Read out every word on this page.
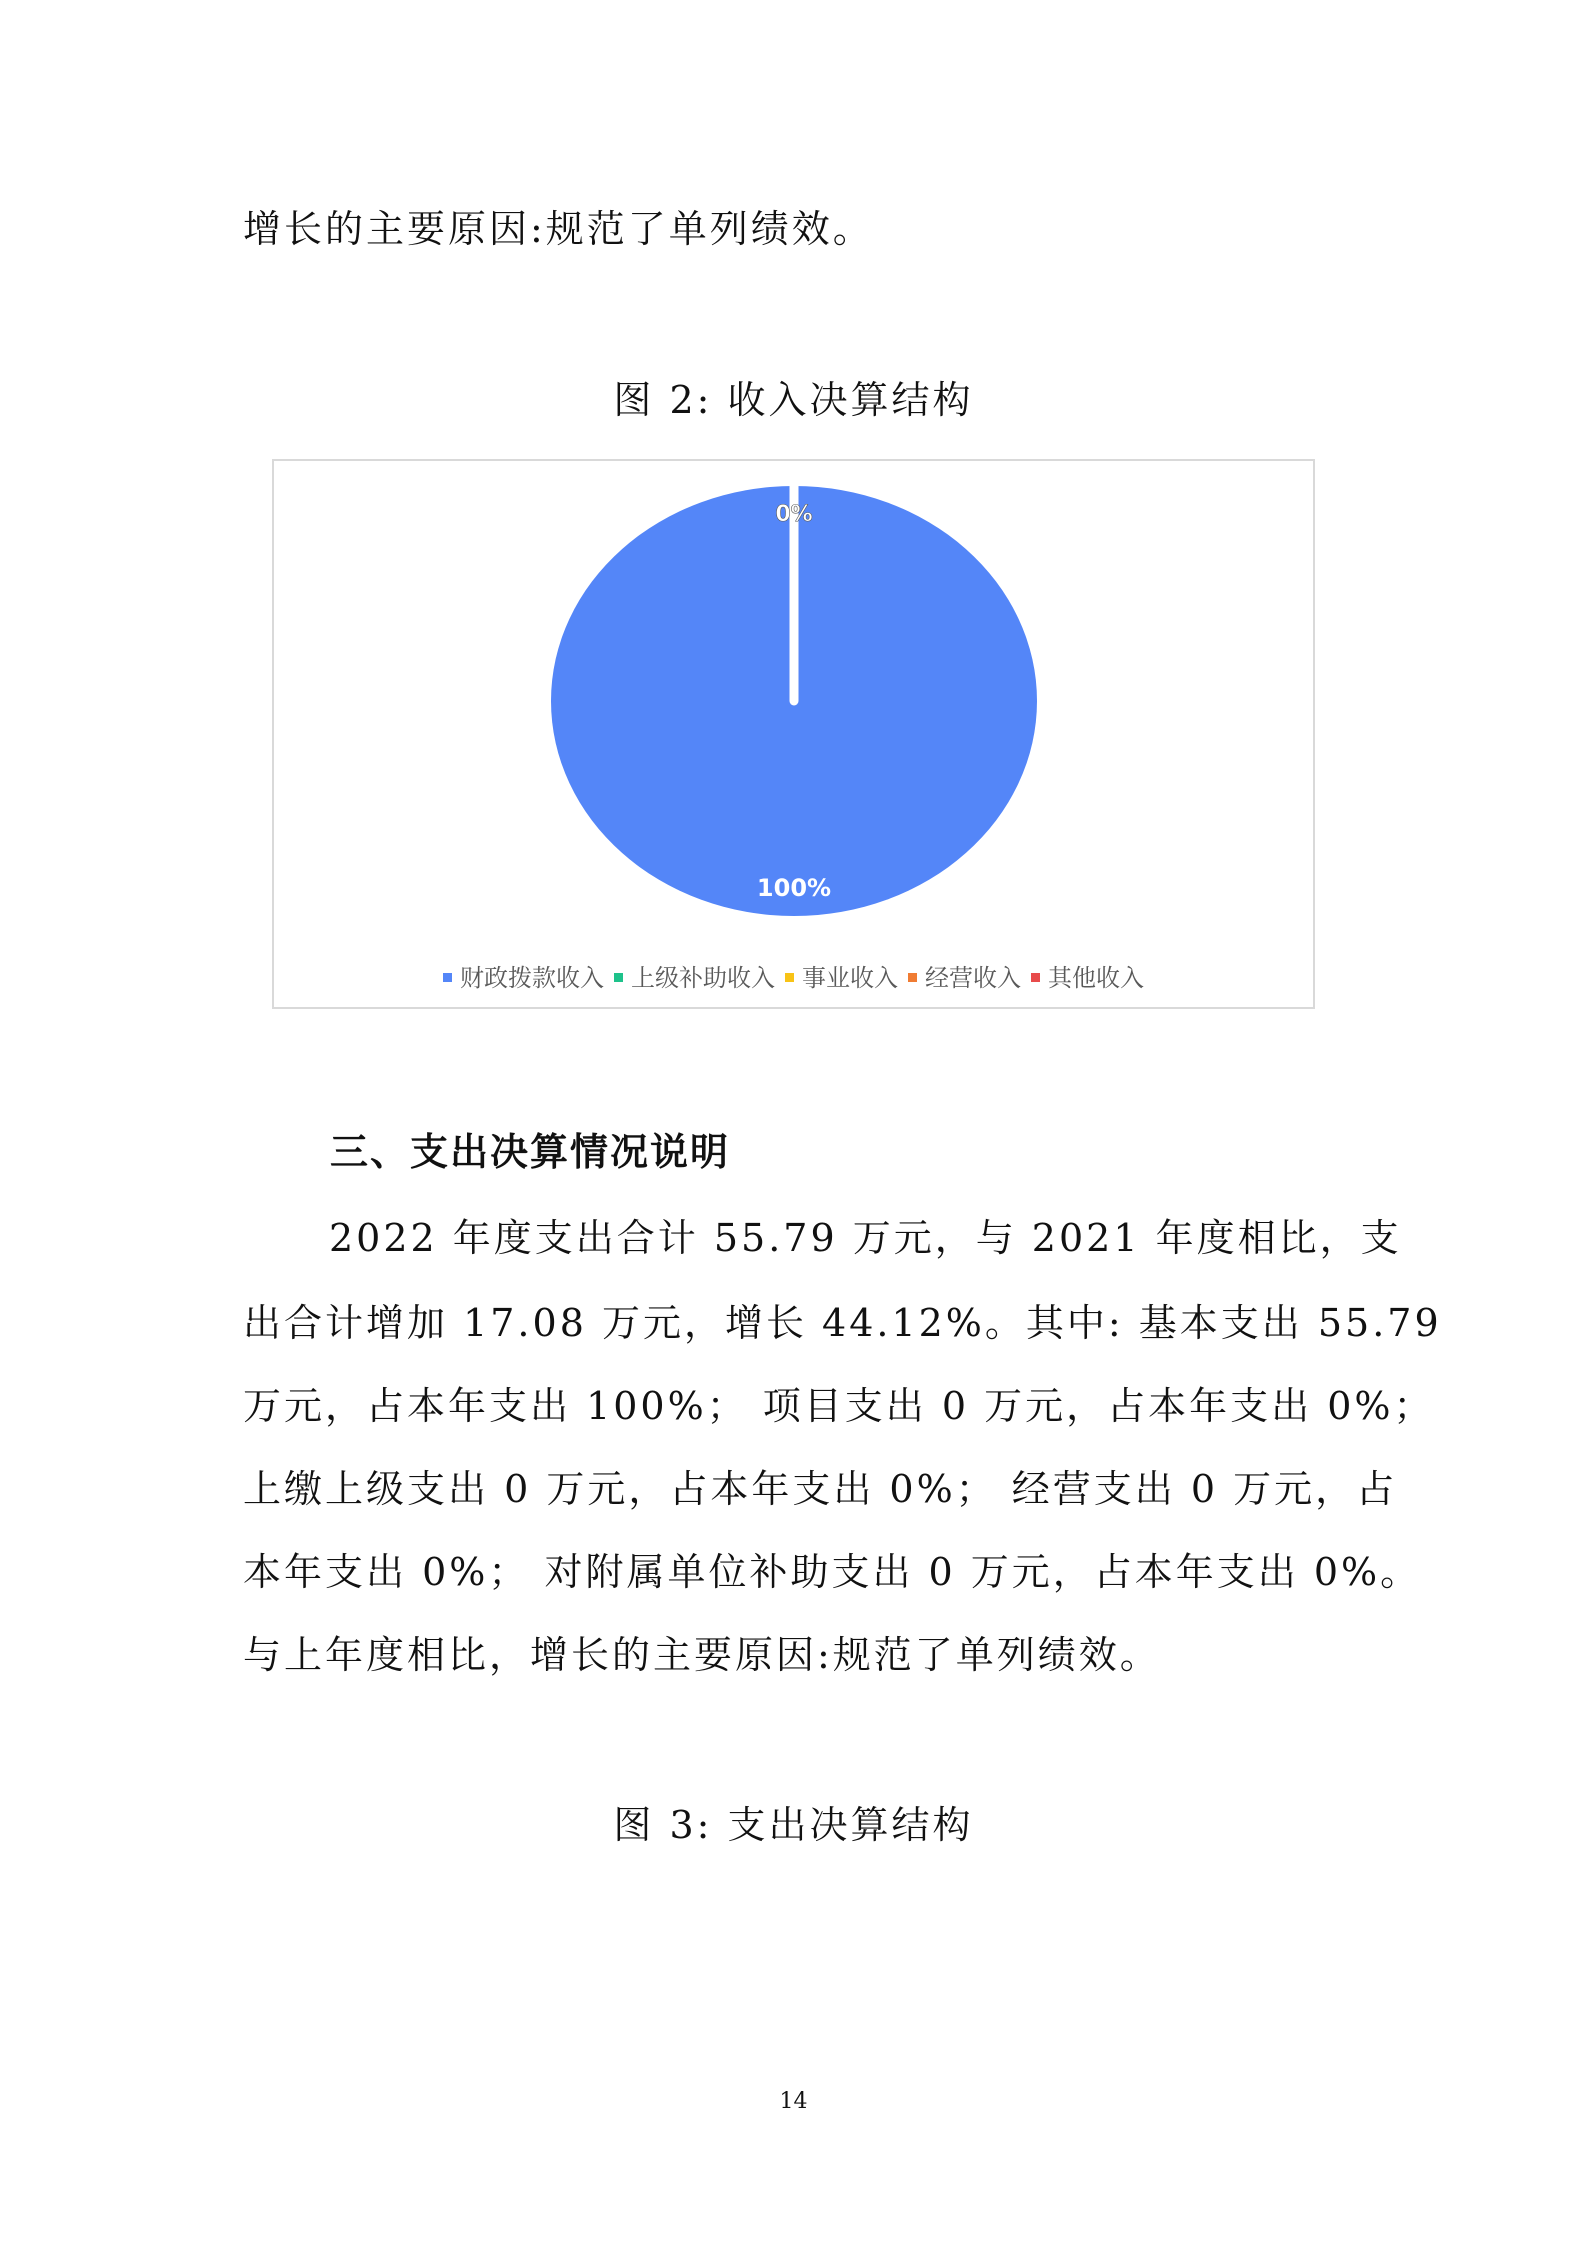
增长的主要原因:规范了单列绩效。
图 2: 收入决算结构
100%
0%
财政拨款收入 上级补助收入 事业收入 经营收入 其他收入
三、支出决算情况说明
2022 年度支出合计 55.79 万元，与 2021 年度相比，支
出合计增加 17.08 万元，增长 44.12%。其中: 基本支出 55.79
万元，占本年支出 100%； 项目支出 0 万元，占本年支出 0%；
上缴上级支出 0 万元，占本年支出 0%； 经营支出 0 万元，占
本年支出 0%； 对附属单位补助支出 0 万元，占本年支出 0%。
与上年度相比，增长的主要原因:规范了单列绩效。
图 3: 支出决算结构
14
